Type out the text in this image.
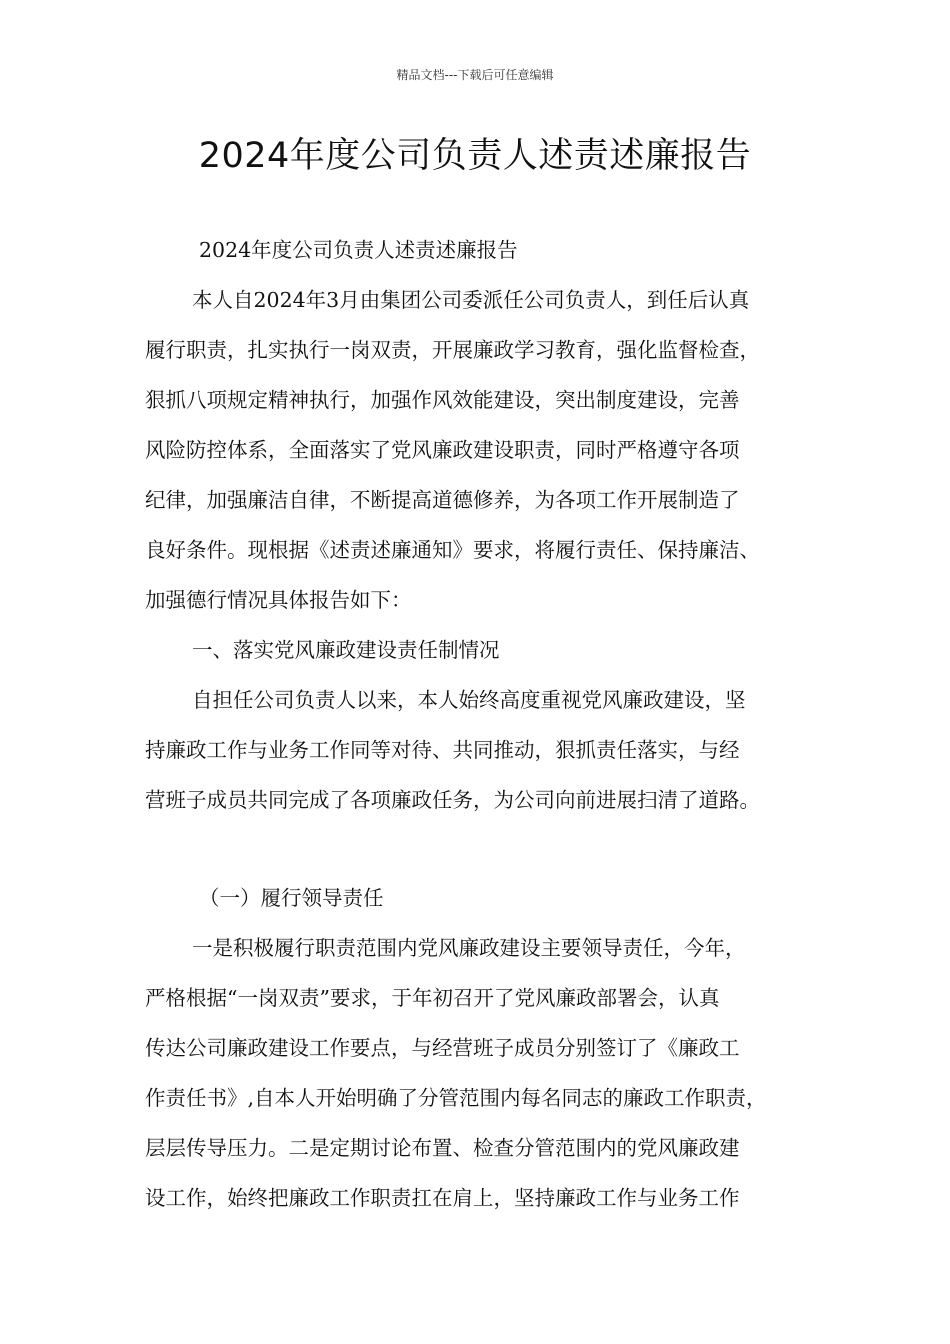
精品文档---下载后可任意编辑
2024年度公司负责人述责述廉报告
2024年度公司负责人述责述廉报告
本人自2024年3月由集团公司委派任公司负责人，到任后认真
履行职责，扎实执行一岗双责，开展廉政学习教育，强化监督检查，
狠抓八项规定精神执行，加强作风效能建设，突出制度建设，完善
风险防控体系，全面落实了党风廉政建设职责，同时严格遵守各项
纪律，加强廉洁自律，不断提高道德修养，为各项工作开展制造了
良好条件。现根据《述责述廉通知》要求，将履行责任、保持廉洁、
加强德行情况具体报告如下：
一、落实党风廉政建设责任制情况
自担任公司负责人以来，本人始终高度重视党风廉政建设，坚
持廉政工作与业务工作同等对待、共同推动，狠抓责任落实，与经
营班子成员共同完成了各项廉政任务，为公司向前进展扫清了道路。
（一）履行领导责任
一是积极履行职责范围内党风廉政建设主要领导责任，今年，
严格根据“一岗双责”要求，于年初召开了党风廉政部署会，认真
传达公司廉政建设工作要点，与经营班子成员分别签订了《廉政工
作责任书》,自本人开始明确了分管范围内每名同志的廉政工作职责，
层层传导压力。二是定期讨论布置、检查分管范围内的党风廉政建
设工作，始终把廉政工作职责扛在肩上，坚持廉政工作与业务工作
